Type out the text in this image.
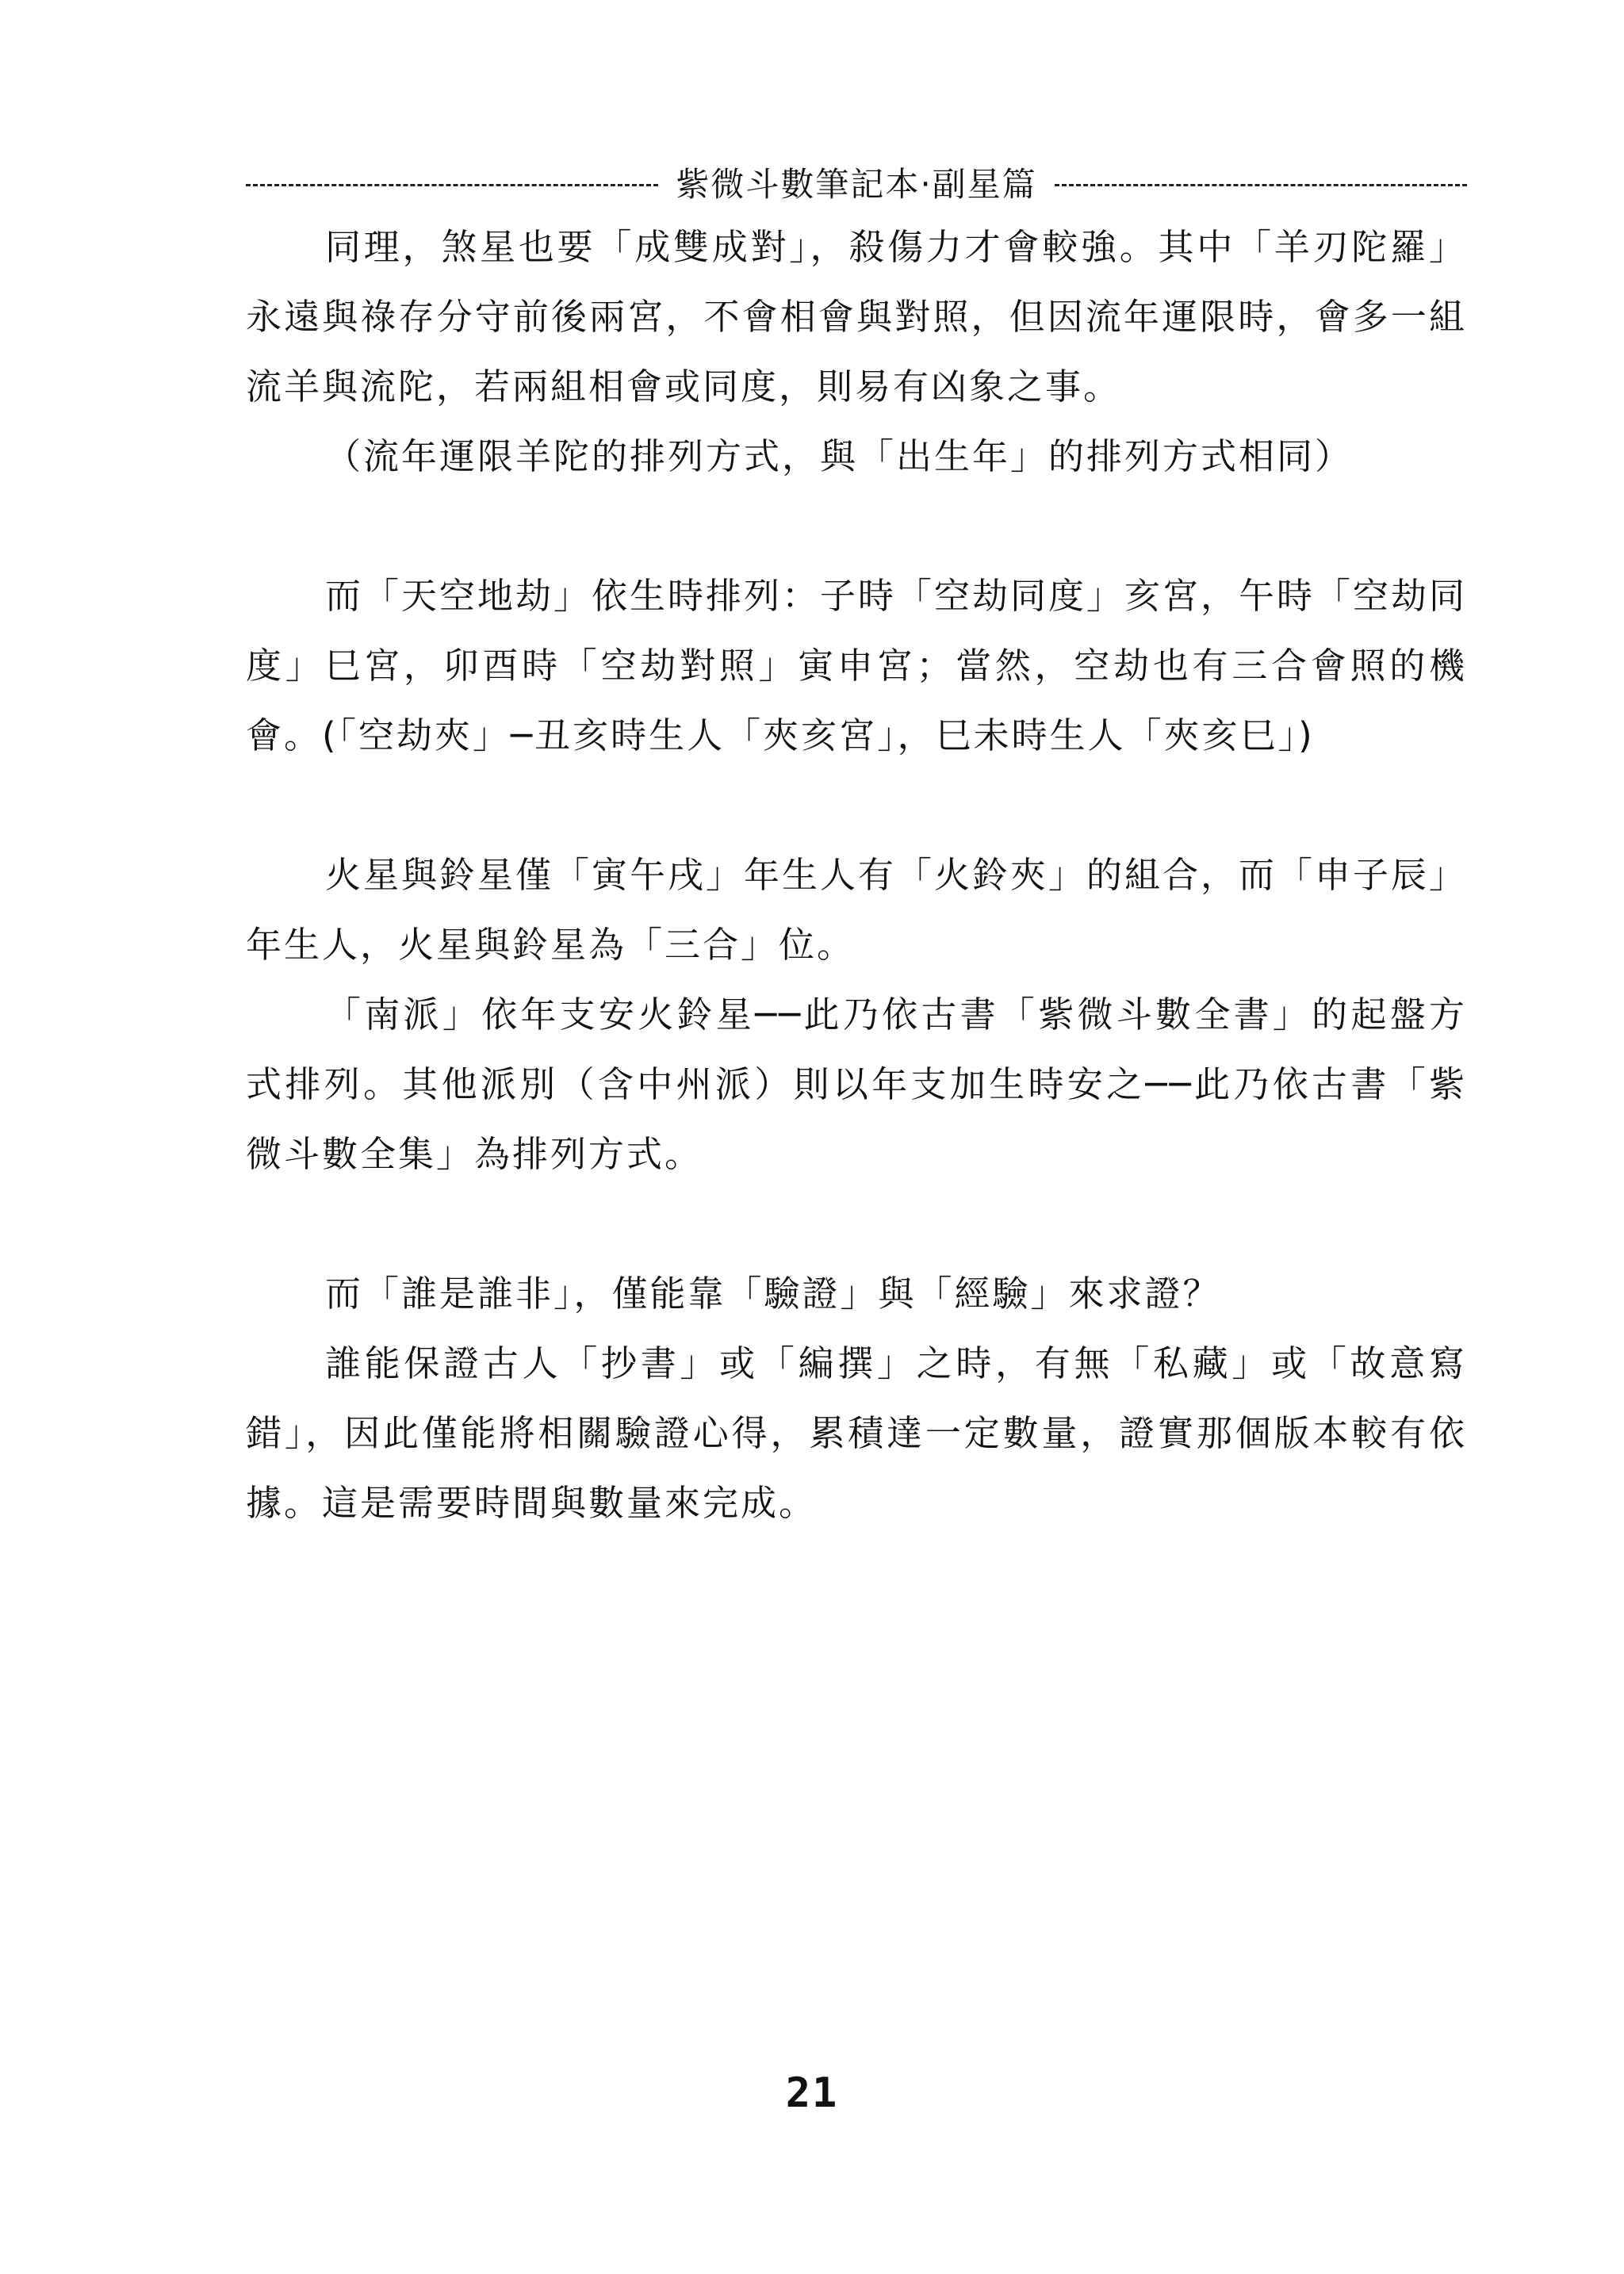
紫微斗數筆記本‧副星篇

同理，煞星也要「成雙成對」，殺傷力才會較強。其中「羊刃陀羅」永遠與祿存分守前後兩宮，不會相會與對照，但因流年運限時，會多一組流羊與流陀，若兩組相會或同度，則易有凶象之事。

（流年運限羊陀的排列方式，與「出生年」的排列方式相同）

而「天空地劫」依生時排列：子時「空劫同度」亥宮，午時「空劫同度」巳宮，卯酉時「空劫對照」寅申宮；當然，空劫也有三合會照的機會。(「空劫夾」─丑亥時生人「夾亥宮」，巳未時生人「夾亥巳」)

火星與鈴星僅「寅午戌」年生人有「火鈴夾」的組合，而「申子辰」年生人，火星與鈴星為「三合」位。

「南派」依年支安火鈴星──此乃依古書「紫微斗數全書」的起盤方式排列。其他派別（含中州派）則以年支加生時安之──此乃依古書「紫微斗數全集」為排列方式。

而「誰是誰非」，僅能靠「驗證」與「經驗」來求證？

誰能保證古人「抄書」或「編撰」之時，有無「私藏」或「故意寫錯」，因此僅能將相關驗證心得，累積達一定數量，證實那個版本較有依據。這是需要時間與數量來完成。

21
